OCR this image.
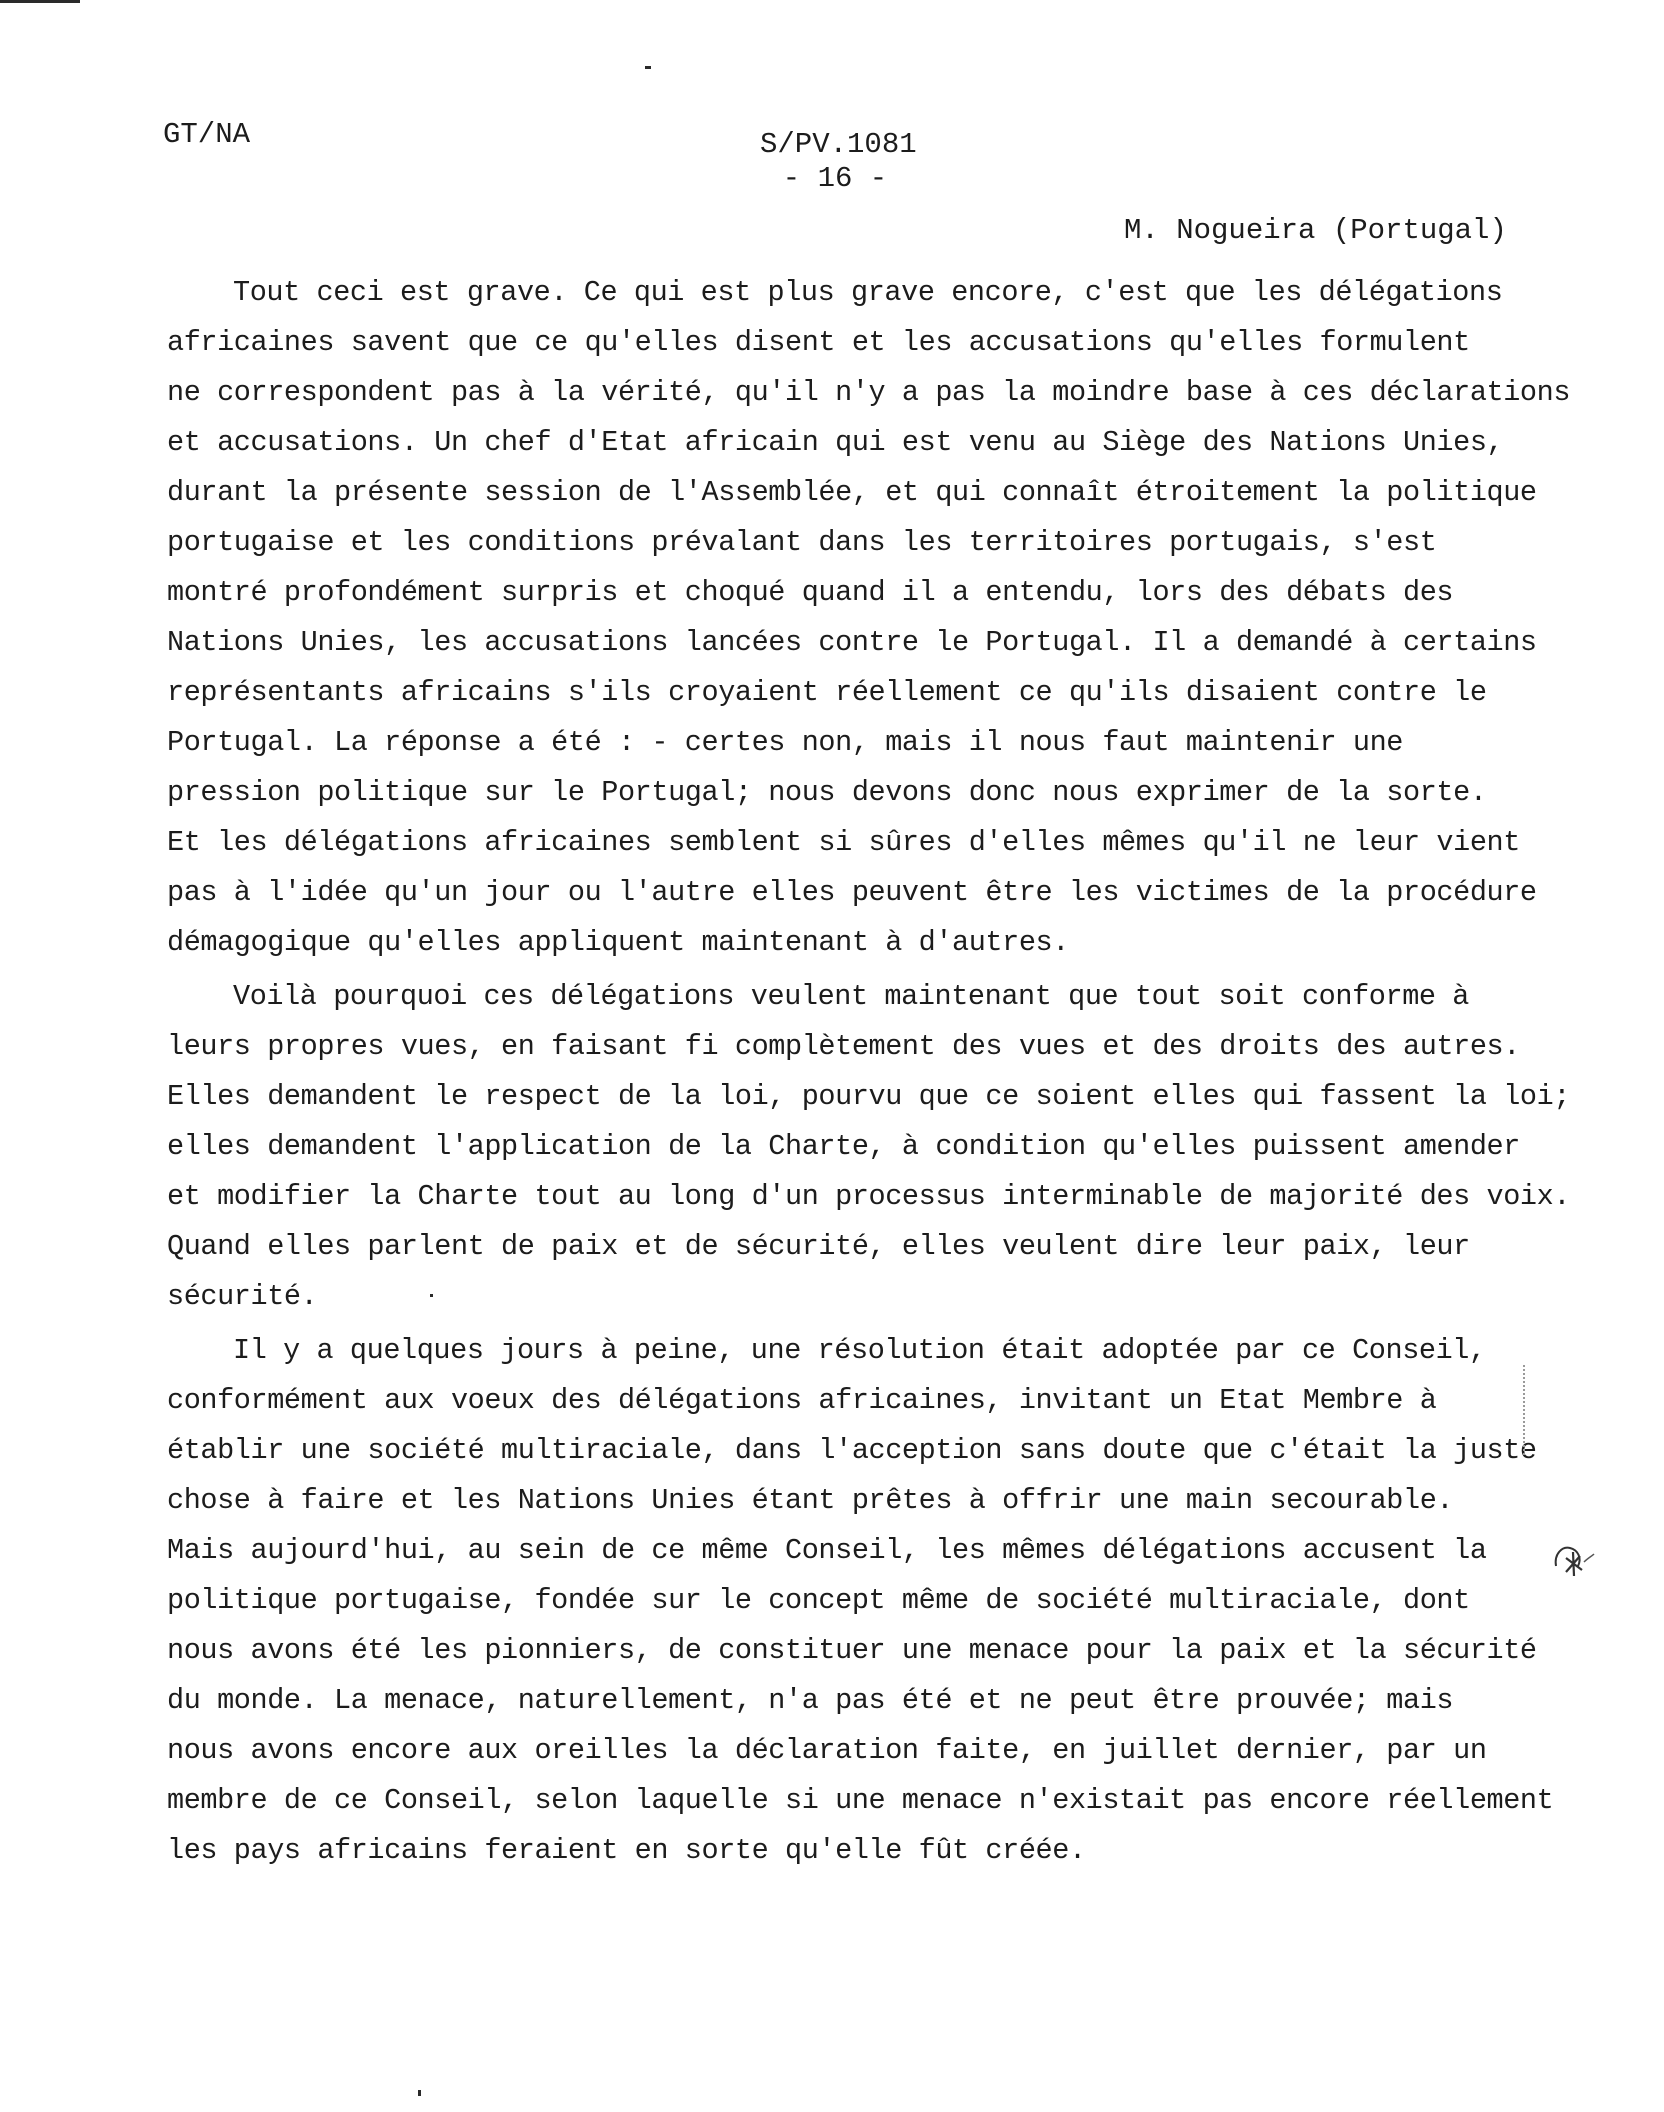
GT/NA	S/PV.1081
- 16 -
M. Nogueira (Portugal)
Tout ceci est grave. Ce qui est plus grave encore, c'est que les délégations
africaines savent que ce qu'elles disent et les accusations qu'elles formulent
ne correspondent pas à la vérité, qu'il n'y a pas la moindre base à ces déclarations
et accusations. Un chef d'Etat africain qui est venu au Siège des Nations Unies,
durant la présente session de l'Assemblée, et qui connaît étroitement la politique
portugaise et les conditions prévalant dans les territoires portugais, s'est
montré profondément surpris et choqué quand il a entendu, lors des débats des
Nations Unies, les accusations lancées contre le Portugal. Il a demandé à certains
représentants africains s'ils croyaient réellement ce qu'ils disaient contre le
Portugal. La réponse a été : - certes non, mais il nous faut maintenir une
pression politique sur le Portugal; nous devons donc nous exprimer de la sorte.
Et les délégations africaines semblent si sûres d'elles mêmes qu'il ne leur vient
pas à l'idée qu'un jour ou l'autre elles peuvent être les victimes de la procédure
démagogique qu'elles appliquent maintenant à d'autres.
Voilà pourquoi ces délégations veulent maintenant que tout soit conforme à
leurs propres vues, en faisant fi complètement des vues et des droits des autres.
Elles demandent le respect de la loi, pourvu que ce soient elles qui fassent la loi;
elles demandent l'application de la Charte, à condition qu'elles puissent amender
et modifier la Charte tout au long d'un processus interminable de majorité des voix.
Quand elles parlent de paix et de sécurité, elles veulent dire leur paix, leur
sécurité.
Il y a quelques jours à peine, une résolution était adoptée par ce Conseil,
conformément aux voeux des délégations africaines, invitant un Etat Membre à
établir une société multiraciale, dans l'acception sans doute que c'était la juste
chose à faire et les Nations Unies étant prêtes à offrir une main secourable.
Mais aujourd'hui, au sein de ce même Conseil, les mêmes délégations accusent la
politique portugaise, fondée sur le concept même de société multiraciale, dont
nous avons été les pionniers, de constituer une menace pour la paix et la sécurité
du monde. La menace, naturellement, n'a pas été et ne peut être prouvée; mais
nous avons encore aux oreilles la déclaration faite, en juillet dernier, par un
membre de ce Conseil, selon laquelle si une menace n'existait pas encore réellement
les pays africains feraient en sorte qu'elle fût créée.
